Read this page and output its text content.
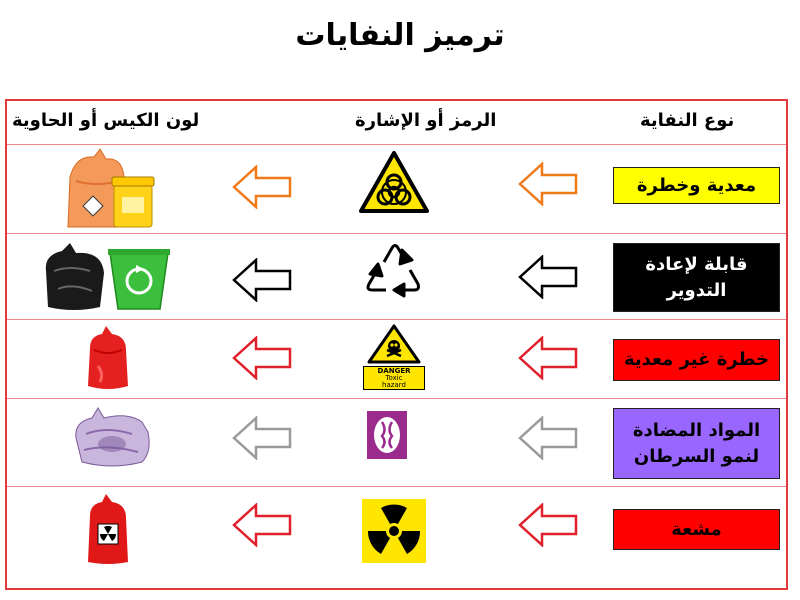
ترميز النفايات
نوع النفاية
الرمز أو الإشارة
لون الكيس أو الحاوية
معدية وخطرة
قابلة لإعادة التدوير
خطرة غير معدية
DANGER
Toxic
hazard
المواد المضادة لنمو السرطان
مشعة
